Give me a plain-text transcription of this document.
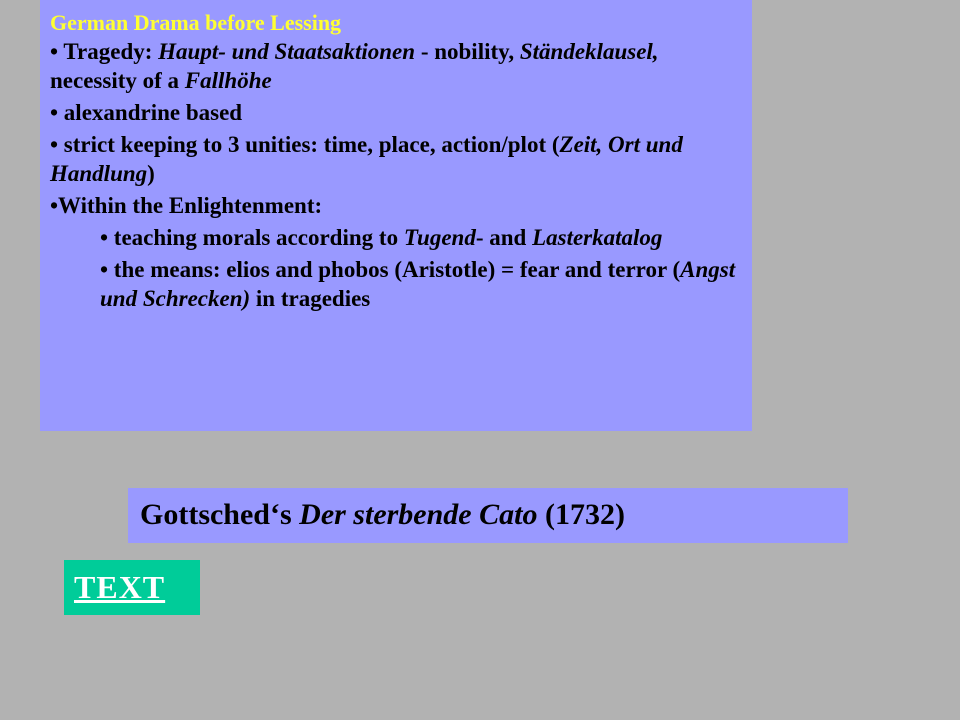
German Drama before Lessing

• Tragedy: Haupt- und Staatsaktionen - nobility, Ständeklausel, necessity of a Fallhöhe

• alexandrine based

• strict keeping to 3 unities: time, place, action/plot (Zeit, Ort und Handlung)

•Within the Enlightenment:

• teaching morals according to Tugend- and Lasterkatalog

• the means: elios and phobos (Aristotle) = fear and terror (Angst und Schrecken) in tragedies

Gottsched‘s Der sterbende Cato (1732)
TEXT
